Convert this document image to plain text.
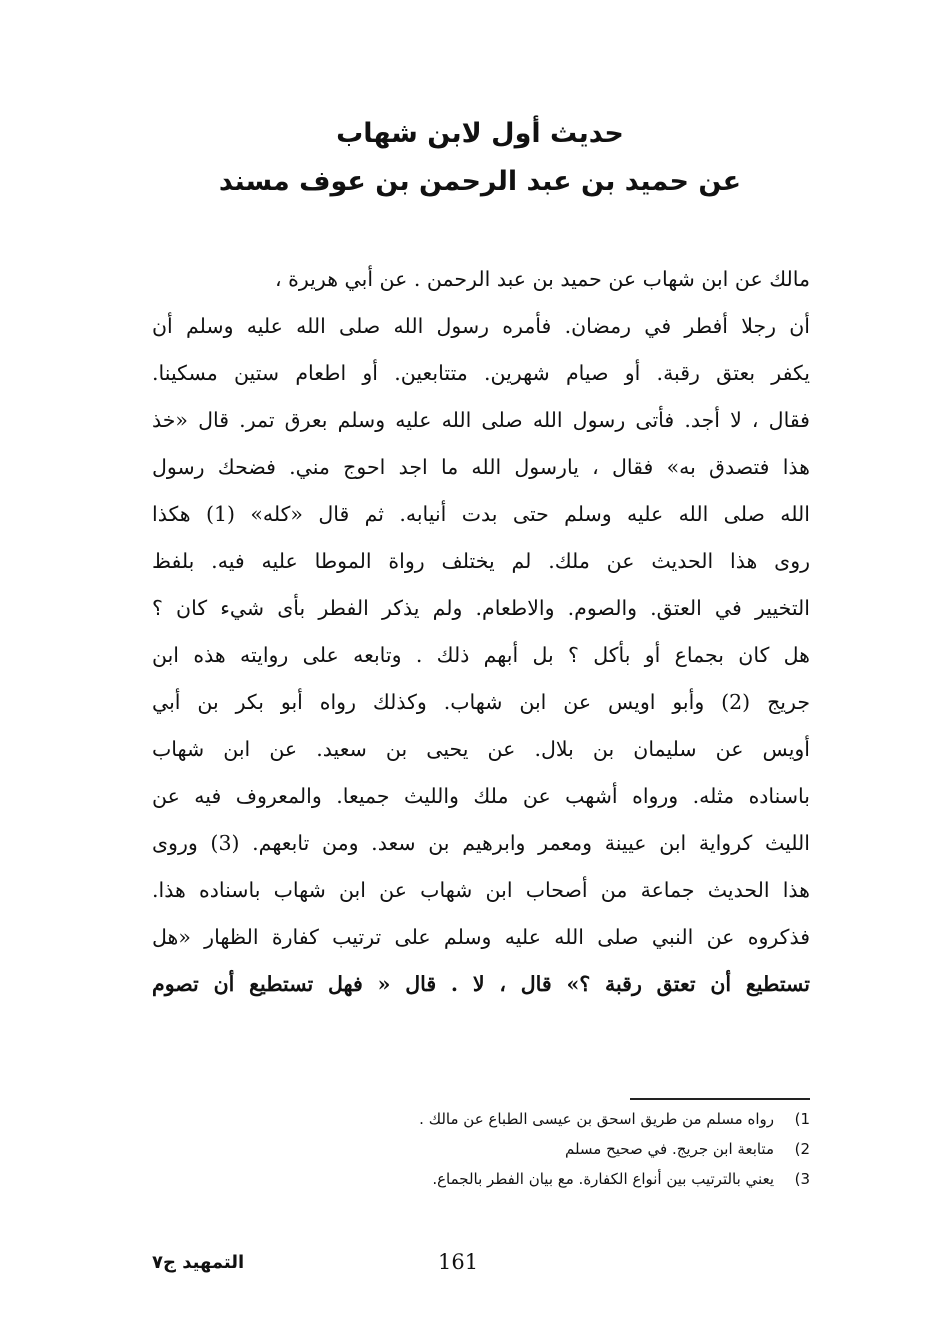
حديث أول لابن شهاب
عن حميد بن عبد الرحمن بن عوف مسند
مالك عن ابن شهاب عن حميد بن عبد الرحمن . عن أبي هريرة ،
أن رجلا أفطر في رمضان. فأمره رسول الله صلى الله عليه وسلم أن
يكفر بعتق رقبة. أو صيام شهرين. متتابعين. أو اطعام ستين مسكينا.
فقال ، لا أجد. فأتى رسول الله صلى الله عليه وسلم بعرق تمر. قال «خذ
هذا فتصدق به» فقال ، يارسول الله ما اجد احوج مني. فضحك رسول
الله صلى الله عليه وسلم حتى بدت أنيابه. ثم قال «كله» (1) هكذا
روى هذا الحديث عن ملك. لم يختلف رواة الموطا عليه فيه. بلفظ
التخيير في العتق. والصوم. والاطعام. ولم يذكر الفطر بأى شيء كان ؟
هل كان بجماع أو بأكل ؟ بل أبهم ذلك . وتابعه على روايته هذه ابن
جريج (2) وأبو اويس عن ابن شهاب. وكذلك رواه أبو بكر بن أبي
أويس عن سليمان بن بلال. عن يحيى بن سعيد. عن ابن شهاب
باسناده مثله. ورواه أشهب عن ملك والليث جميعا. والمعروف فيه عن
الليث كرواية ابن عيينة ومعمر وابرهيم بن سعد. ومن تابعهم. (3) وروى
هذا الحديث جماعة من أصحاب ابن شهاب عن ابن شهاب باسناده هذا.
فذكروه عن النبي صلى الله عليه وسلم على ترتيب كفارة الظهار «هل
تستطيع أن تعتق رقبة ؟» قال ، لا . قال « فهل تستطيع أن تصوم
1)
رواه مسلم من طريق اسحق بن عيسى الطباع عن مالك .
2)
متابعة ابن جريج. في صحيح مسلم
3)
يعني بالترتيب بين أنواع الكفارة. مع بيان الفطر بالجماع.
التمهيد ج٧	161
